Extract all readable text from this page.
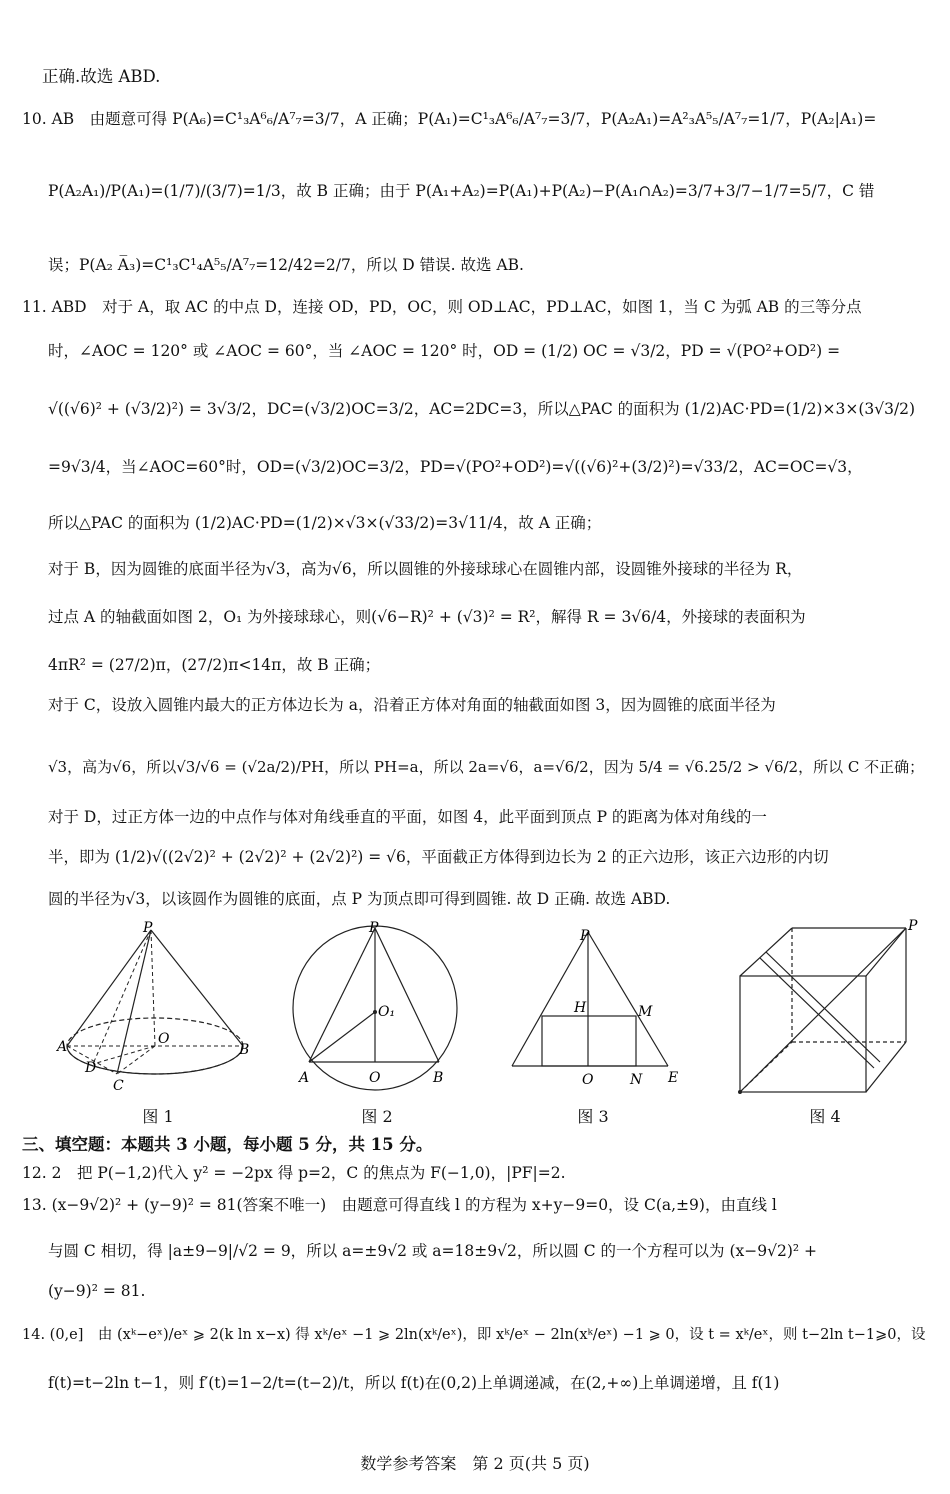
正确.故选 ABD.
10. AB　由题意可得 P(A₆)=C¹₃A⁶₆/A⁷₇=3/7，A 正确；P(A₁)=C¹₃A⁶₆/A⁷₇=3/7，P(A₂A₁)=A²₃A⁵₅/A⁷₇=1/7，P(A₂|A₁)=
P(A₂A₁)/P(A₁)=(1/7)/(3/7)=1/3，故 B 正确；由于 P(A₁+A₂)=P(A₁)+P(A₂)−P(A₁∩A₂)=3/7+3/7−1/7=5/7，C 错
误；P(A₂ A̅₃)=C¹₃C¹₄A⁵₅/A⁷₇=12/42=2/7，所以 D 错误. 故选 AB.
11. ABD　对于 A，取 AC 的中点 D，连接 OD，PD，OC，则 OD⊥AC，PD⊥AC，如图 1，当 C 为弧 AB 的三等分点
时，∠AOC = 120° 或 ∠AOC = 60°，当 ∠AOC = 120° 时，OD = (1/2) OC = √3/2，PD = √(PO²+OD²) =
√((√6)² + (√3/2)²) = 3√3/2，DC=(√3/2)OC=3/2，AC=2DC=3，所以△PAC 的面积为 (1/2)AC·PD=(1/2)×3×(3√3/2)
=9√3/4，当∠AOC=60°时，OD=(√3/2)OC=3/2，PD=√(PO²+OD²)=√((√6)²+(3/2)²)=√33/2，AC=OC=√3，
所以△PAC 的面积为 (1/2)AC·PD=(1/2)×√3×(√33/2)=3√11/4，故 A 正确；
对于 B，因为圆锥的底面半径为√3，高为√6，所以圆锥的外接球球心在圆锥内部，设圆锥外接球的半径为 R，
过点 A 的轴截面如图 2，O₁ 为外接球球心，则(√6−R)² + (√3)² = R²，解得 R = 3√6/4，外接球的表面积为
4πR² = (27/2)π，(27/2)π<14π，故 B 正确；
对于 C，设放入圆锥内最大的正方体边长为 a，沿着正方体对角面的轴截面如图 3，因为圆锥的底面半径为
√3，高为√6，所以√3/√6 = (√2a/2)/PH，所以 PH=a，所以 2a=√6，a=√6/2，因为 5/4 = √6.25/2 > √6/2，所以 C 不正确；
对于 D，过正方体一边的中点作与体对角线垂直的平面，如图 4，此平面到顶点 P 的距离为体对角线的一
半，即为 (1/2)√((2√2)² + (2√2)² + (2√2)²) = √6，平面截正方体得到边长为 2 的正六边形，该正六边形的内切
圆的半径为√3，以该圆作为圆锥的底面，点 P 为顶点即可得到圆锥. 故 D 正确. 故选 ABD.
P
A	B
O
D
C
图 1
P
O₁
A	O	B
图 2
P
H	M
O	N E
图 3
P
图 4
三、填空题：本题共 3 小题，每小题 5 分，共 15 分。
12. 2　把 P(−1,2)代入 y² = −2px 得 p=2，C 的焦点为 F(−1,0)，|PF|=2.
13. (x−9√2)² + (y−9)² = 81(答案不唯一)　由题意可得直线 l 的方程为 x+y−9=0，设 C(a,±9)，由直线 l
与圆 C 相切，得 |a±9−9|/√2 = 9，所以 a=±9√2 或 a=18±9√2，所以圆 C 的一个方程可以为 (x−9√2)² +
(y−9)² = 81.
14. (0,e]　由 (xᵏ−eˣ)/eˣ ⩾ 2(k ln x−x) 得 xᵏ/eˣ −1 ⩾ 2ln(xᵏ/eˣ)，即 xᵏ/eˣ − 2ln(xᵏ/eˣ) −1 ⩾ 0，设 t = xᵏ/eˣ，则 t−2ln t−1⩾0，设
f(t)=t−2ln t−1，则 f′(t)=1−2/t=(t−2)/t，所以 f(t)在(0,2)上单调递减，在(2,+∞)上单调递增，且 f(1)
数学参考答案　第 2 页(共 5 页)
